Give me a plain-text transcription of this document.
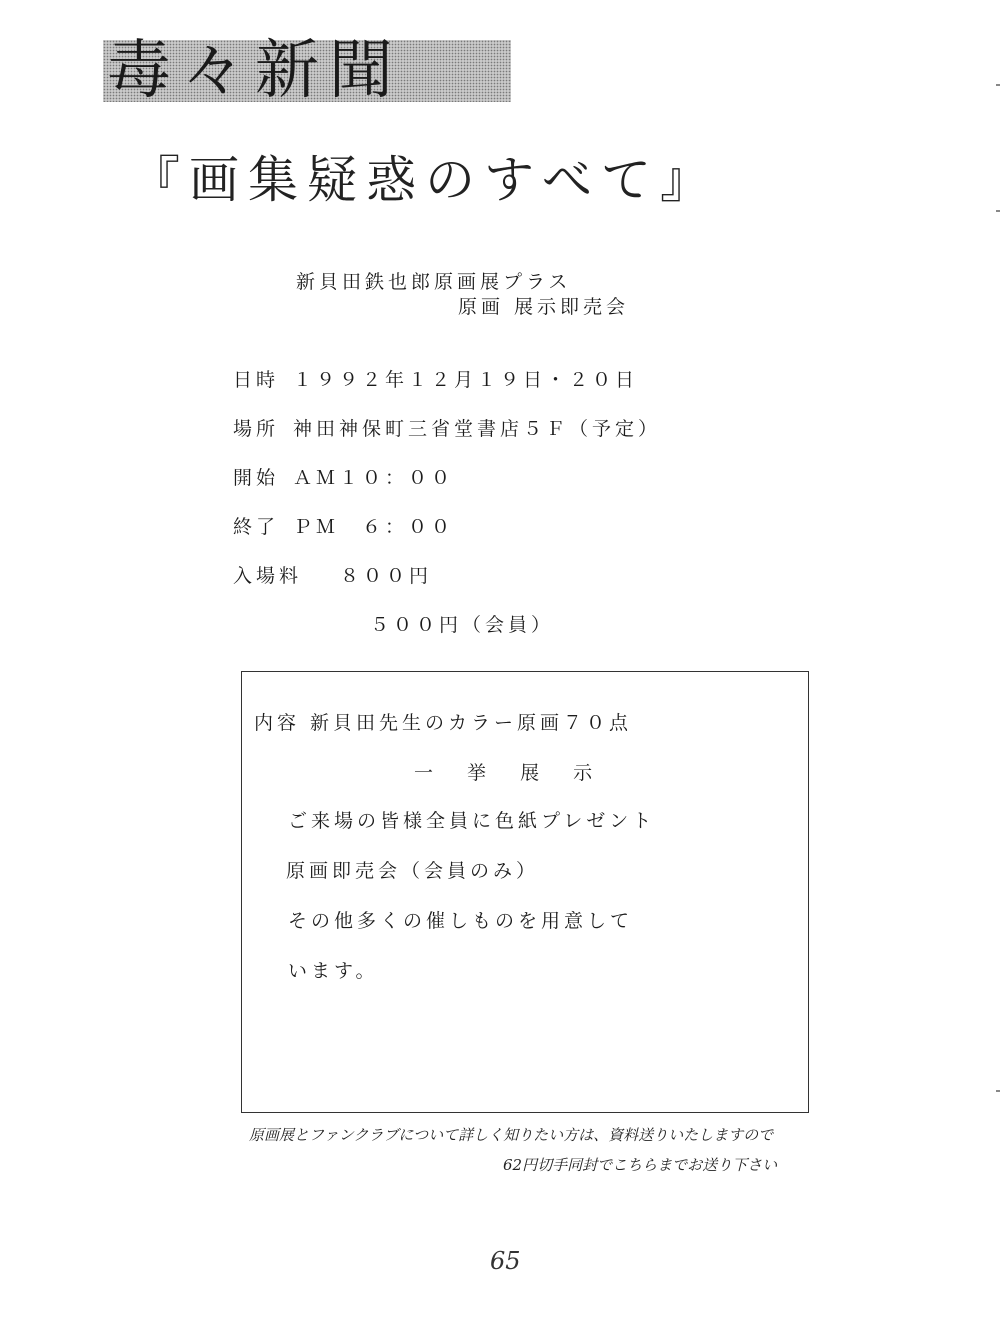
毒々新聞
『画集疑惑のすべて』
新貝田鉄也郎原画展プラス
原画 展示即売会
日時 １９９２年１２月１９日・２０日
場所 神田神保町三省堂書店５Ｆ（予定）
開始 ＡＭ１０：００
終了 ＰＭ　６：００
入場料 ８００円
５００円（会員）
内容 新貝田先生のカラー原画７０点
一 挙 展 示
ご来場の皆様全員に色紙プレゼント
原画即売会（会員のみ）
その他多くの催しものを用意して
います。
原画展とファンクラブについて詳しく知りたい方は、資料送りいたしますので
62円切手同封でこちらまでお送り下さい
65
